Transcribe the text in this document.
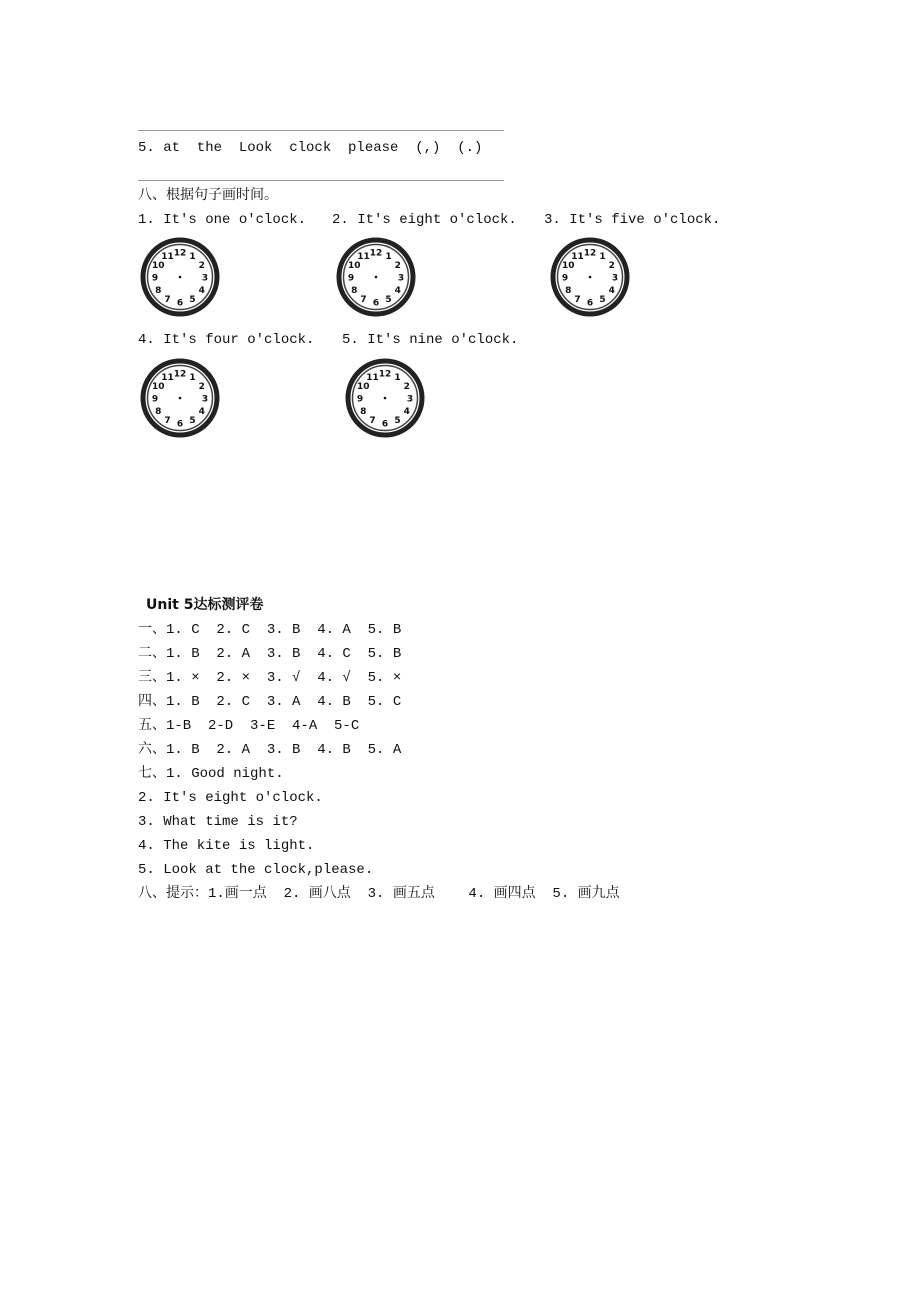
5. at  the  Look  clock  please  (,)  (.)
八、根据句子画时间。
1. It's one o'clock. 2. It's eight o'clock. 3. It's five o'clock.
4. It's four o'clock. 5. It's nine o'clock.
12 1
2
3
4
5
6
7
8
9
10
11	12 1
2
3
4
5
6
7
8
9
10
11	12 1
2
3
4
5
6
7
8
9
10
11
12 1
2
3
4
5
6
7
8
9
10
11	12 1
2
3
4
5
6
7
8
9
10
11
Unit 5达标测评卷
一、1. C  2. C  3. B  4. A  5. B
二、1. B  2. A  3. B  4. C  5. B
三、1. ×  2. ×  3. √  4. √  5. ×
四、1. B  2. C  3. A  4. B  5. C
五、1-B  2-D  3-E  4-A  5-C
六、1. B  2. A  3. B  4. B  5. A
七、1. Good night.
2. It's eight o'clock.
3. What time is it?
4. The kite is light.
5. Look at the clock,please.
八、提示：1.画一点  2. 画八点  3. 画五点    4. 画四点  5. 画九点
